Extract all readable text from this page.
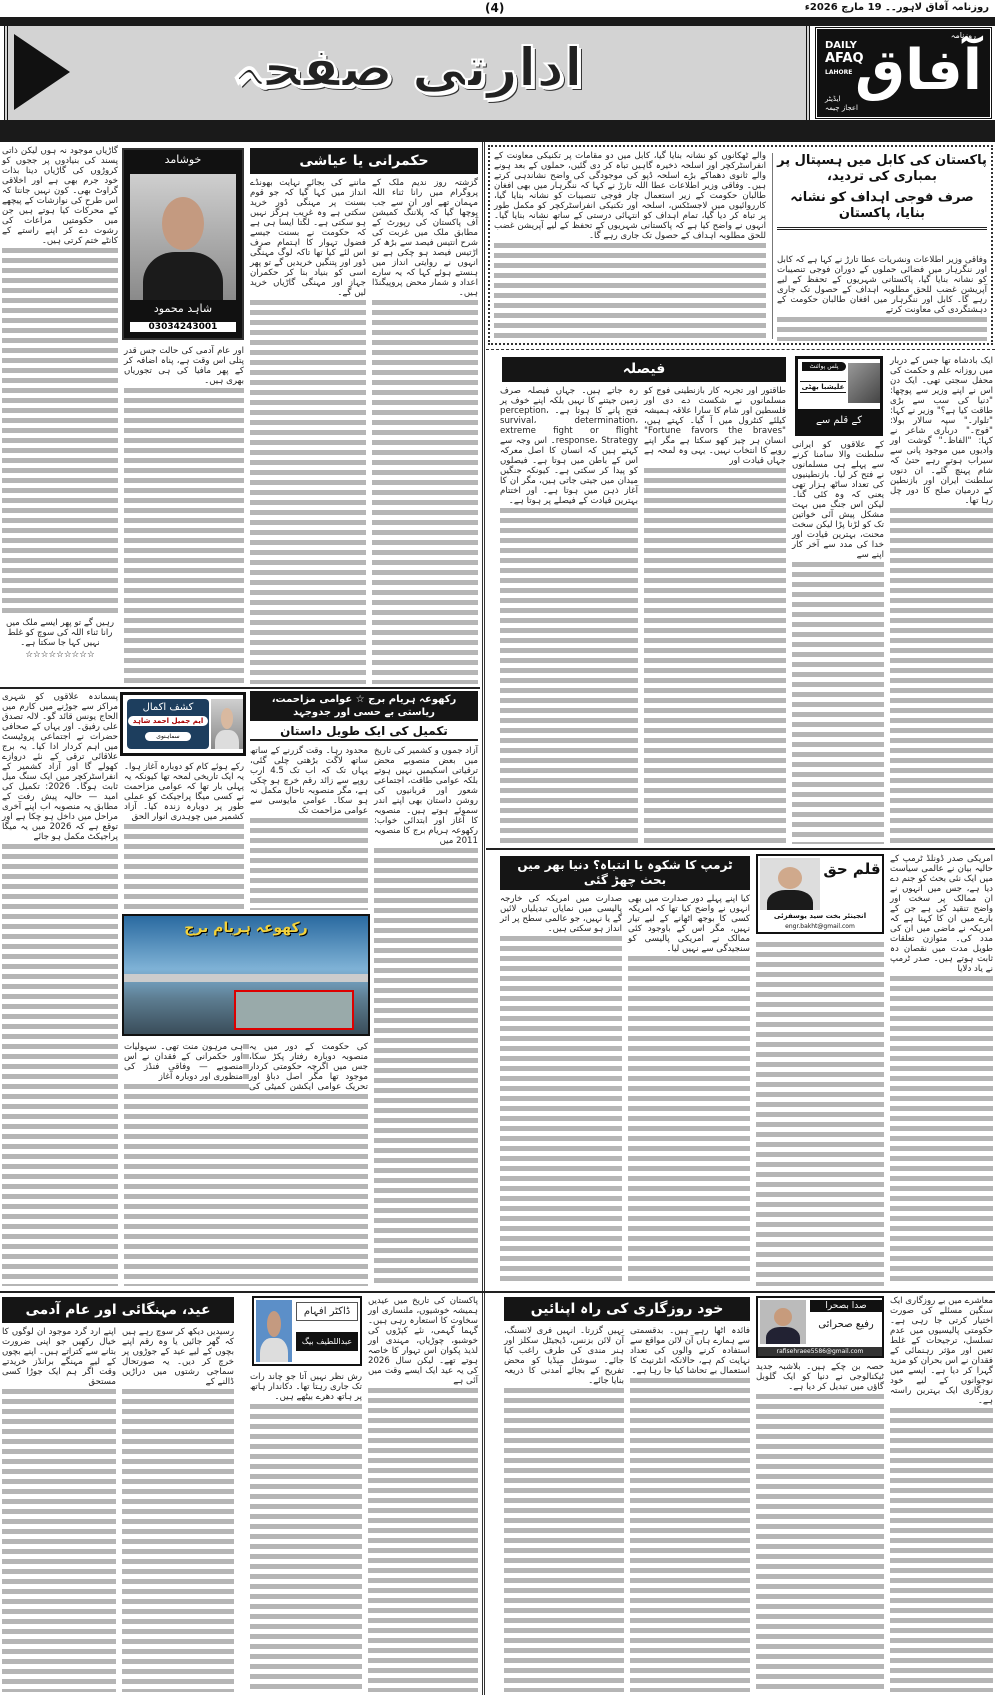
روزنامہ آفاق لاہور۔۔ 19 مارچ 2026ء
(4)
ادارتی صفحہ
روزنامہ
آفاق
DAILY
AFAQ
LAHORE
ایڈیٹر
اعجاز چیمہ
پاکستان کی کابل میں ہسپتال پر بمباری کی تردید،
صرف فوجی اہداف کو نشانہ بنایا، پاکستان

وفاقی وزیر اطلاعات ونشریات عطا تارڑ نے کہا ہے کہ کابل اور ننگرہار میں فضائی حملوں کے دوران فوجی تنصیبات کو نشانہ بنایا گیا، پاکستانی شہریوں کے تحفظ کے لیے آپریشن غضب للحق مطلوبہ اہداف کے حصول تک جاری رہے گا۔ کابل اور ننگرہار میں افغان طالبان حکومت کے دہشتگردی کی معاونت کرتے

والے ٹھکانوں کو نشانہ بنایا گیا، کابل میں دو مقامات پر تکنیکی معاونت کے انفراسٹرکچر اور اسلحہ ذخیرہ گاہیں تباہ کر دی گئیں، حملوں کے بعد ہونے والے ثانوی دھماکے بڑے اسلحہ ڈپو کی موجودگی کی واضح نشاندہی کرتے ہیں۔ وفاقی وزیر اطلاعات عطا اللہ تارڑ نے کہا کہ ننگرہار میں بھی افغان طالبان حکومت کے زیر استعمال چار فوجی تنصیبات کو نشانہ بنایا گیا، کارروائیوں میں لاجسٹکس، اسلحہ اور تکنیکی انفراسٹرکچر کو مکمل طور پر تباہ کر دیا گیا، تمام اہداف کو انتہائی درستی کے ساتھ نشانہ بنایا گیا۔ انہوں نے واضح کیا ہے کہ پاکستانی شہریوں کے تحفظ کے لیے آپریشن غضب للحق مطلوبہ اہداف کے حصول تک جاری رہے گا۔

حکمرانی یا عیاشی
خوشامد
شاہد محمود
03034243001

گزشتہ روز ندیم ملک کے پروگرام میں رانا ثناء اللہ مہمان تھے اور ان سے جب پوچھا گیا کہ پلاننگ کمیشن آف پاکستان کی رپورٹ کے مطابق ملک میں غربت کی شرح انتیس فیصد سے بڑھ کر اڑتیس فیصد ہو چکی ہے تو انہوں نے روایتی انداز میں ہنستے ہوئے کہا کہ یہ سارے اعداد و شمار محض پروپیگنڈا ہیں۔

ماننے کی بجائے نہایت بھونڈے انداز میں کہا گیا کہ جو قوم بسنت پر مہنگی ڈور خرید سکتی ہے وہ غریب ہرگز نہیں ہو سکتی ہے۔ لگتا ایسا ہی ہے کہ حکومت نے بسنت جیسے فضول تہوار کا اہتمام صرف اس لئے کیا تھا تاکہ لوگ مہنگی ڈور اور پتنگیں خریدیں گے تو پھر اسی کو بنیاد بنا کر حکمران جہاز اور مہنگی گاڑیاں خرید لیں گے۔

اور عام آدمی کی حالت جس قدر پتلی اس وقت ہے، پناہ اضافہ کر کے پھر مافیا کی ہی تجوریاں بھری ہیں۔

گاڑیاں موجود نہ ہوں لیکن ذاتی پسند کی بنیادوں پر ججوں کو کروڑوں کی گاڑیاں دینا بذات خود جرم بھی ہے اور اخلاقی گراوٹ بھی۔ کون نہیں جانتا کہ اس طرح کی نوازشات کے پیچھے کے محرکات کیا ہوتے ہیں جن میں حکومتیں مراعات کی رشوت دے کر اپنے راستے کے کانٹے ختم کرتی ہیں۔

رہیں گے تو پھر ایسے ملک میں رانا ثناء اللہ کی سوچ کو غلط نہیں کہا جا سکتا ہے۔

☆☆☆☆☆☆☆☆☆

رکھوعہ ہریام برج ☆ عوامی مزاحمت، ریاستی بے حسی اور جدوجہد
تکمیل کی ایک طویل داستان
کشف اکمال
ایم جمیل احمد شاہد
سماہنوی

آزاد جموں و کشمیر کی تاریخ میں بعض منصوبے محض ترقیاتی اسکیمیں نہیں ہوتے بلکہ عوامی طاقت، اجتماعی شعور اور قربانیوں کی روشن داستان بھی اپنے اندر سموئے ہوتے ہیں۔ منصوبہ کا آغاز اور ابتدائی خواب: رکھوعہ ہریام برج کا منصوبہ 2011 میں

محدود رہا۔ وقت گزرنے کے ساتھ ساتھ لاگت بڑھتی چلی گئی، یہاں تک کہ اب تک 4.5 ارب روپے سے زائد رقم خرچ ہو چکی ہے، مگر منصوبہ تاحال مکمل نہ ہو سکا۔ عوامی مایوسی سے عوامی مزاحمت تک

رکے ہوئے کام کو دوبارہ آغاز ہوا۔ یہ ایک تاریخی لمحہ تھا کیونکہ یہ پہلی بار تھا کہ عوامی مزاحمت نے کسی میگا پراجیکٹ کو عملی طور پر دوبارہ زندہ کیا۔ آزاد کشمیر میں چوہدری انوار الحق

پسماندہ علاقوں کو شہری مراکز سے جوڑنے میں کارم میں الحاج یونس قائد گو۔ لالہ تصدق علی رفیق۔ اور یہاں کے صحافی حضرات نے اجتماعی پروٹیسٹ میں اہم کردار ادا کیا۔ یہ برج علاقائی ترقی کے نئے دروازے کھولے گا اور آزاد کشمیر کے انفراسٹرکچر میں ایک سنگ میل ثابت ہوگا۔ 2026: تکمیل کی امید — حالیہ پیش رفت کے مطابق یہ منصوبہ اب اپنے آخری مراحل میں داخل ہو چکا ہے اور توقع ہے کہ 2026 میں یہ میگا پراجیکٹ مکمل ہو جائے

رکھوعہ ہریام برج

کی حکومت کے دور میں یہ منصوبہ دوبارہ رفتار پکڑ سکا، جس میں اگرچہ حکومتی کردار موجود تھا مگر اصل دباؤ اور تحریک عوامی ایکشن کمیٹی کی ہی مرہون منت تھی۔ سہولیات اور حکمرانی کے فقدان نے اس منصوبے — وفاقی فنڈز کی منظوری اور دوبارہ آغاز

عید، مہنگائی اور عام آدمی	ڈاکٹر افہام
عبداللطیف بیگ

پاکستان کی تاریخ میں عیدیں ہمیشہ خوشیوں، ملنساری اور سخاوت کا استعارہ رہی ہیں۔ گہما گہمی، نئے کپڑوں کی خوشبو، چوڑیاں، مہندی اور لذیذ پکوان اس تہوار کا خاصہ ہوتے تھے۔ لیکن سال 2026 کی یہ عید ایک ایسے وقت میں آئی ہے

رش نظر نہیں آتا جو چاند رات تک جاری رہتا تھا۔ دکاندار ہاتھ پر ہاتھ دھرے بیٹھے ہیں۔

رسیدیں دیکھ کر سوچ رہے ہیں کہ گھر جائیں یا وہ رقم اپنے بچوں کے لیے عید کے جوڑوں پر خرچ کر دیں۔ یہ صورتحال سماجی رشتوں میں دراڑیں ڈالنے کے

اپنے ارد گرد موجود ان لوگوں کا خیال رکھیں جو اپنی ضرورت بتانے سے کتراتے ہیں۔ اپنے بچوں کے لیے مہنگے برانڈز خریدتے وقت اگر ہم ایک جوڑا کسی مستحق

ایک بادشاہ تھا جس کے دربار میں روزانہ علم و حکمت کی محفل سجتی تھی۔ ایک دن اس نے اپنے وزیر سے پوچھا: "دنیا کی سب سے بڑی طاقت کیا ہے؟" وزیر نے کہا: "تلوار۔" سپہ سالار بولا: "فوج۔" درباری شاعر نے کہا: "الفاظ۔" گوشت اور وادیوں میں موجود پانی سے سیراب ہوتے رہے حتیٰ کہ شام پہنچ گئے۔ ان دنوں سلطنت ایران اور بازنطین کے درمیان صلح کا دور چل رہا تھا۔

پلس پوائنٹ
علیشبا بھٹی
کے قلم سے

کے علاقوں کو ایرانی سلطنت والا سامنا کرنے سے پہلے ہی مسلمانوں نے فتح کر لیا۔ بازنطینیوں کی تعداد ساٹھ ہزار تھی یعنی کہ وہ کئی گنا۔ لیکن اس جنگ میں بہت مشکل پیش آئی خواتین تک کو لڑنا پڑا لیکن سخت محنت، بہترین قیادت اور خدا کی مدد سے آخر کار اپنے سے

فیصلہ

طاقتور اور تجربہ کار بازنطینی فوج کو مسلمانوں نے شکست دے دی اور فلسطین اور شام کا سارا علاقہ ہمیشہ کیلئے کنٹرول میں آ گیا۔ کہتے ہیں، "Fortune favors the braves" انسان ہر چیز کھو سکتا ہے مگر اپنے رویے کا انتخاب نہیں۔ یہی وہ لمحہ ہے جہاں قیادت اور

رہ جاتے ہیں۔ جہاں فیصلہ صرف زمین جیتنے کا نہیں بلکہ اپنے خوف پر فتح پانے کا ہوتا ہے۔ perception، survival، determination، extreme fight or flight response، Strategy۔ اس وجہ سے کہتے ہیں کہ انسان کا اصل معرکہ اس کے باطن میں ہوتا ہے۔ فیصلوں کو پیدا کر سکتی ہے۔ کیونکہ جنگیں میدان میں جیتی جاتی ہیں، مگر ان کا آغاز ذہن میں ہوتا ہے۔ اور اختتام بہترین قیادت کے فیصلے پر ہوتا ہے۔

امریکی صدر ڈونلڈ ٹرمپ کے حالیہ بیان نے عالمی سیاست میں ایک نئی بحث کو جنم دے دیا ہے، جس میں انہوں نے ان ممالک پر سخت اور واضح تنقید کی ہے جن کے بارے میں ان کا کہنا ہے کہ امریکہ نے ماضی میں ان کی مدد کی۔ متوازن تعلقات طویل مدت میں نقصان دہ ثابت ہوتے ہیں۔ صدر ٹرمپ نے یاد دلایا

قلم حق
انجینئر بخت سید یوسفزئی
engr.bakht@gmail.com
ٹرمپ کا شکوہ یا انتباہ؟ دنیا بھر میں بحث چھڑ گئی

کیا اپنے پہلے دور صدارت میں بھی انہوں نے واضح کیا تھا کہ امریکہ کسی کا بوجھ اٹھانے کے لیے تیار نہیں، مگر اس کے باوجود کئی ممالک نے امریکی پالیسی کو سنجیدگی سے نہیں لیا۔

صدارت میں امریکہ کی خارجہ پالیسی میں نمایاں تبدیلیاں لائیں گے یا نہیں، جو عالمی سطح پر اثر انداز ہو سکتی ہیں۔

معاشرے میں بے روزگاری ایک سنگین مسئلے کی صورت اختیار کرتی جا رہی ہے۔ حکومتی پالیسیوں میں عدم تسلسل، ترجیحات کے غلط تعین اور مؤثر رہنمائی کے فقدان نے اس بحران کو مزید گہرا کر دیا ہے۔ ایسے میں نوجوانوں کے لیے خود روزگاری ایک بہترین راستہ ہے۔

صدا بصحرا
رفیع صحرائی
rafisehraee5586@gmail.com

حصہ بن چکے ہیں۔ بلاشبہ جدید ٹیکنالوجی نے دنیا کو ایک گلوبل گاؤں میں تبدیل کر دیا ہے۔

خود روزگاری کی راہ اپنائیں

فائدہ اٹھا رہے ہیں۔ بدقسمتی سے ہمارے ہاں آن لائن مواقع سے استفادہ کرنے والوں کی تعداد نہایت کم ہے، حالانکہ انٹرنیٹ کا استعمال بے تحاشا کیا جا رہا ہے۔

نہیں گزرتا۔ انہیں فری لانسنگ، آن لائن بزنس، ڈیجیٹل سکلز اور ہنر مندی کی طرف راغب کیا جائے۔ سوشل میڈیا کو محض تفریح کے بجائے آمدنی کا ذریعہ بنایا جائے۔
